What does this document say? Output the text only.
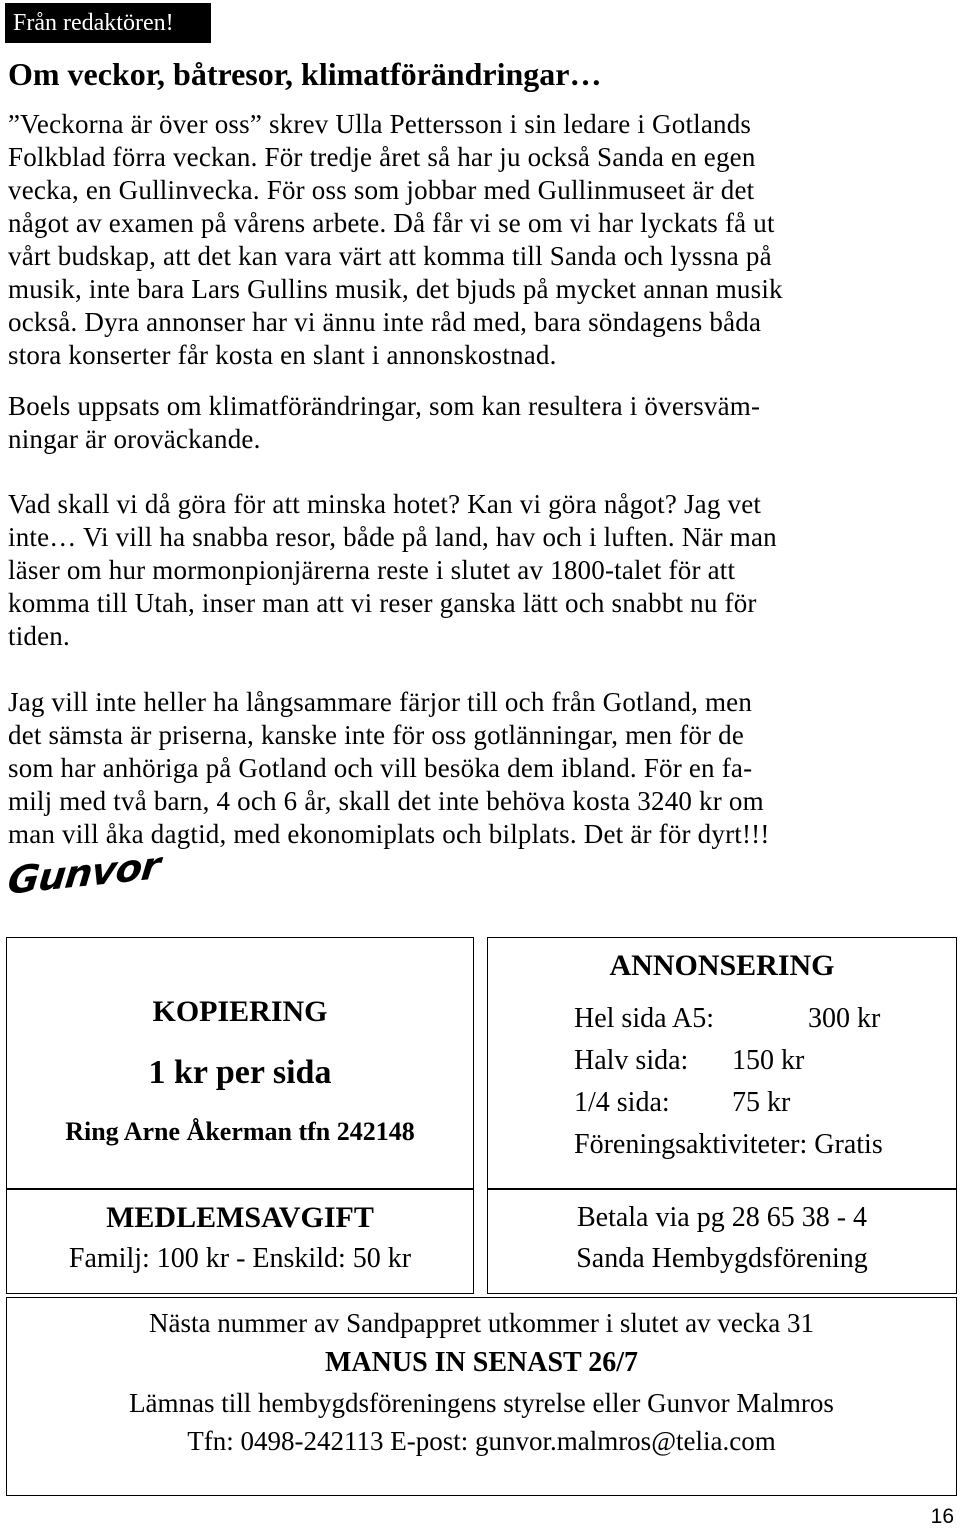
Från redaktören!
Om veckor, båtresor, klimatförändringar…
”Veckorna är över oss” skrev Ulla Pettersson i sin ledare i Gotlands
Folkblad förra veckan. För tredje året så har ju också Sanda en egen
vecka, en Gullinvecka. För oss som jobbar med Gullinmuseet är det
något av examen på vårens arbete. Då får vi se om vi har lyckats få ut
vårt budskap, att det kan vara värt att komma till Sanda och lyssna på
musik, inte bara Lars Gullins musik, det bjuds på mycket annan musik
också. Dyra annonser har vi ännu inte råd med, bara söndagens båda
stora konserter får kosta en slant i annonskostnad.
Boels uppsats om klimatförändringar, som kan resultera i översväm-
ningar är oroväckande.
Vad skall vi då göra för att minska hotet? Kan vi göra något? Jag vet
inte… Vi vill ha snabba resor, både på land, hav och i luften. När man
läser om hur mormonpionjärerna reste i slutet av 1800-talet för att
komma till Utah, inser man att vi reser ganska lätt och snabbt nu för
tiden.
Jag vill inte heller ha långsammare färjor till och från Gotland, men
det sämsta är priserna, kanske inte för oss gotlänningar, men för de
som har anhöriga på Gotland och vill besöka dem ibland. För en fa-
milj med två barn, 4 och 6 år, skall det inte behöva kosta 3240 kr om
man vill åka dagtid, med ekonomiplats och bilplats. Det är för dyrt!!!
Gunvor
KOPIERING
1 kr per sida
Ring Arne Åkerman tfn 242148
ANNONSERING
Hel sida A5:	300 kr
Halv sida: 150 kr
1/4 sida: 75 kr
Föreningsaktiviteter: Gratis
MEDLEMSAVGIFT
Familj: 100 kr - Enskild: 50 kr
Betala via pg 28 65 38 - 4
Sanda Hembygdsförening
Nästa nummer av Sandpappret utkommer i slutet av vecka 31
MANUS IN SENAST 26/7
Lämnas till hembygdsföreningens styrelse eller Gunvor Malmros
Tfn: 0498-242113 E-post: gunvor.malmros@telia.com
16
